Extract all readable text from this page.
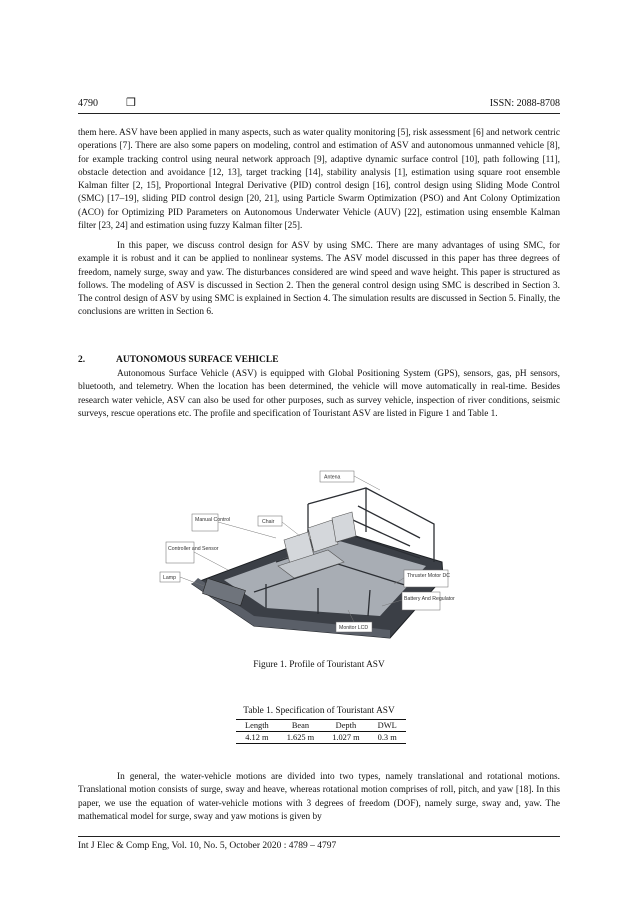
4790	❒	ISSN: 2088-8708

them here. ASV have been applied in many aspects, such as water quality monitoring [5], risk assessment [6] and network centric operations [7]. There are also some papers on modeling, control and estimation of ASV and autonomous unmanned vehicle [8], for example tracking control using neural network approach [9], adaptive dynamic surface control [10], path following [11], obstacle detection and avoidance [12, 13], target tracking [14], stability analysis [1], estimation using square root ensemble Kalman filter [2, 15], Proportional Integral Derivative (PID) control design [16], control design using Sliding Mode Control (SMC) [17–19], sliding PID control design [20, 21], using Particle Swarm Optimization (PSO) and Ant Colony Optimization (ACO) for Optimizing PID Parameters on Autonomous Underwater Vehicle (AUV) [22], estimation using ensemble Kalman filter [23, 24] and estimation using fuzzy Kalman filter [25].

In this paper, we discuss control design for ASV by using SMC. There are many advantages of using SMC, for example it is robust and it can be applied to nonlinear systems. The ASV model discussed in this paper has three degrees of freedom, namely surge, sway and yaw. The disturbances considered are wind speed and wave height. This paper is structured as follows. The modeling of ASV is discussed in Section 2. Then the general control design using SMC is described in Section 3. The control design of ASV by using SMC is explained in Section 4. The simulation results are discussed in Section 5. Finally, the conclusions are written in Section 6.

2.	AUTONOMOUS SURFACE VEHICLE

Autonomous Surface Vehicle (ASV) is equipped with Global Positioning System (GPS), sensors, gas, pH sensors, bluetooth, and telemetry. When the location has been determined, the vehicle will move automatically in real-time. Besides research water vehicle, ASV can also be used for other purposes, such as survey vehicle, inspection of river conditions, seismic surveys, rescue operations etc. The profile and specification of Touristant ASV are listed in Figure 1 and Table 1.

Antena
Manual Control	Chair
Controller and Sensor
Lamp	Thruster Motor DC
Battery And Regulator
Monitor LCD
Figure 1. Profile of Touristant ASV
Table 1. Specification of Touristant ASV
Length	Bean	Depth	DWL
4.12 m	1.625 m	1.027 m	0.3 m

In general, the water-vehicle motions are divided into two types, namely translational and rotational motions. Translational motion consists of surge, sway and heave, whereas rotational motion comprises of roll, pitch, and yaw [18]. In this paper, we use the equation of water-vehicle motions with 3 degrees of freedom (DOF), namely surge, sway and, yaw. The mathematical model for surge, sway and yaw motions is given by

Int J Elec & Comp Eng, Vol. 10, No. 5, October 2020 : 4789 – 4797
